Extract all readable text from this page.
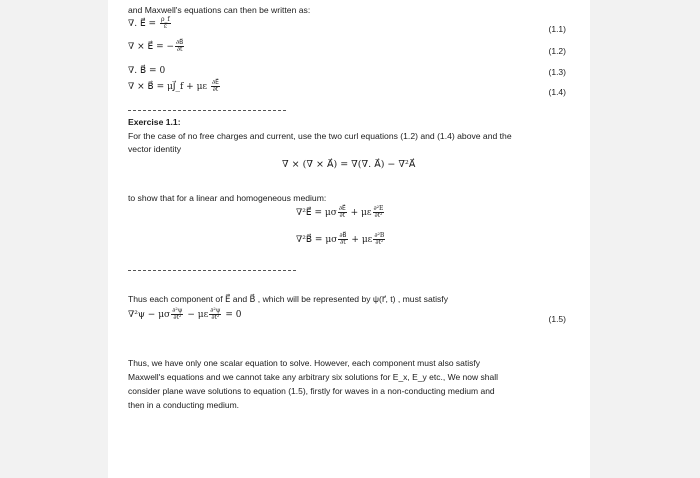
and Maxwell's equations can then be written as:
∇. E⃗ = $\frac{\rho\_f}{\varepsilon}$	(1.1)
∇ × E⃗ = − $\frac{\partial B⃗}{\partial t}$	(1.2)
∇. B⃗ = 0	(1.3)
∇ × B⃗ = μJ⃗_f + με $\frac{\partial E⃗}{\partial t}$	(1.4)
Exercise 1.1:
For the case of no free charges and current, use the two curl equations (1.2) and (1.4) above and the
vector identity
∇ × (∇ × A⃗) = ∇(∇. A⃗) − ∇²A⃗
to show that for a linear and homogeneous medium:
∇²E⃗ = μσ $\frac{\partial E⃗}{\partial t} + \mu\varepsilon \frac{\text{∂²E}}{\text{∂t²}}$
∇²B⃗ = μσ $\frac{\partial B⃗}{\partial t} + \mu\varepsilon \frac{\text{∂²B}}{\text{∂t²}}$
Thus each component of E⃗ and B⃗ , which will be represented by ψ(r⃗, t) , must satisfy
∇²ψ − μσ $\frac{\text{∂²ψ}}{\text{∂t²}} - \mu\varepsilon \frac{\text{∂²ψ}}{\text{∂t²}} = 0$	(1.5)
Thus, we have only one scalar equation to solve. However, each component must also satisfy
Maxwell's equations and we cannot take any arbitrary six solutions for E_x, E_y etc., We now shall
consider plane wave solutions to equation (1.5), firstly for waves in a non-conducting medium and
then in a conducting medium.
